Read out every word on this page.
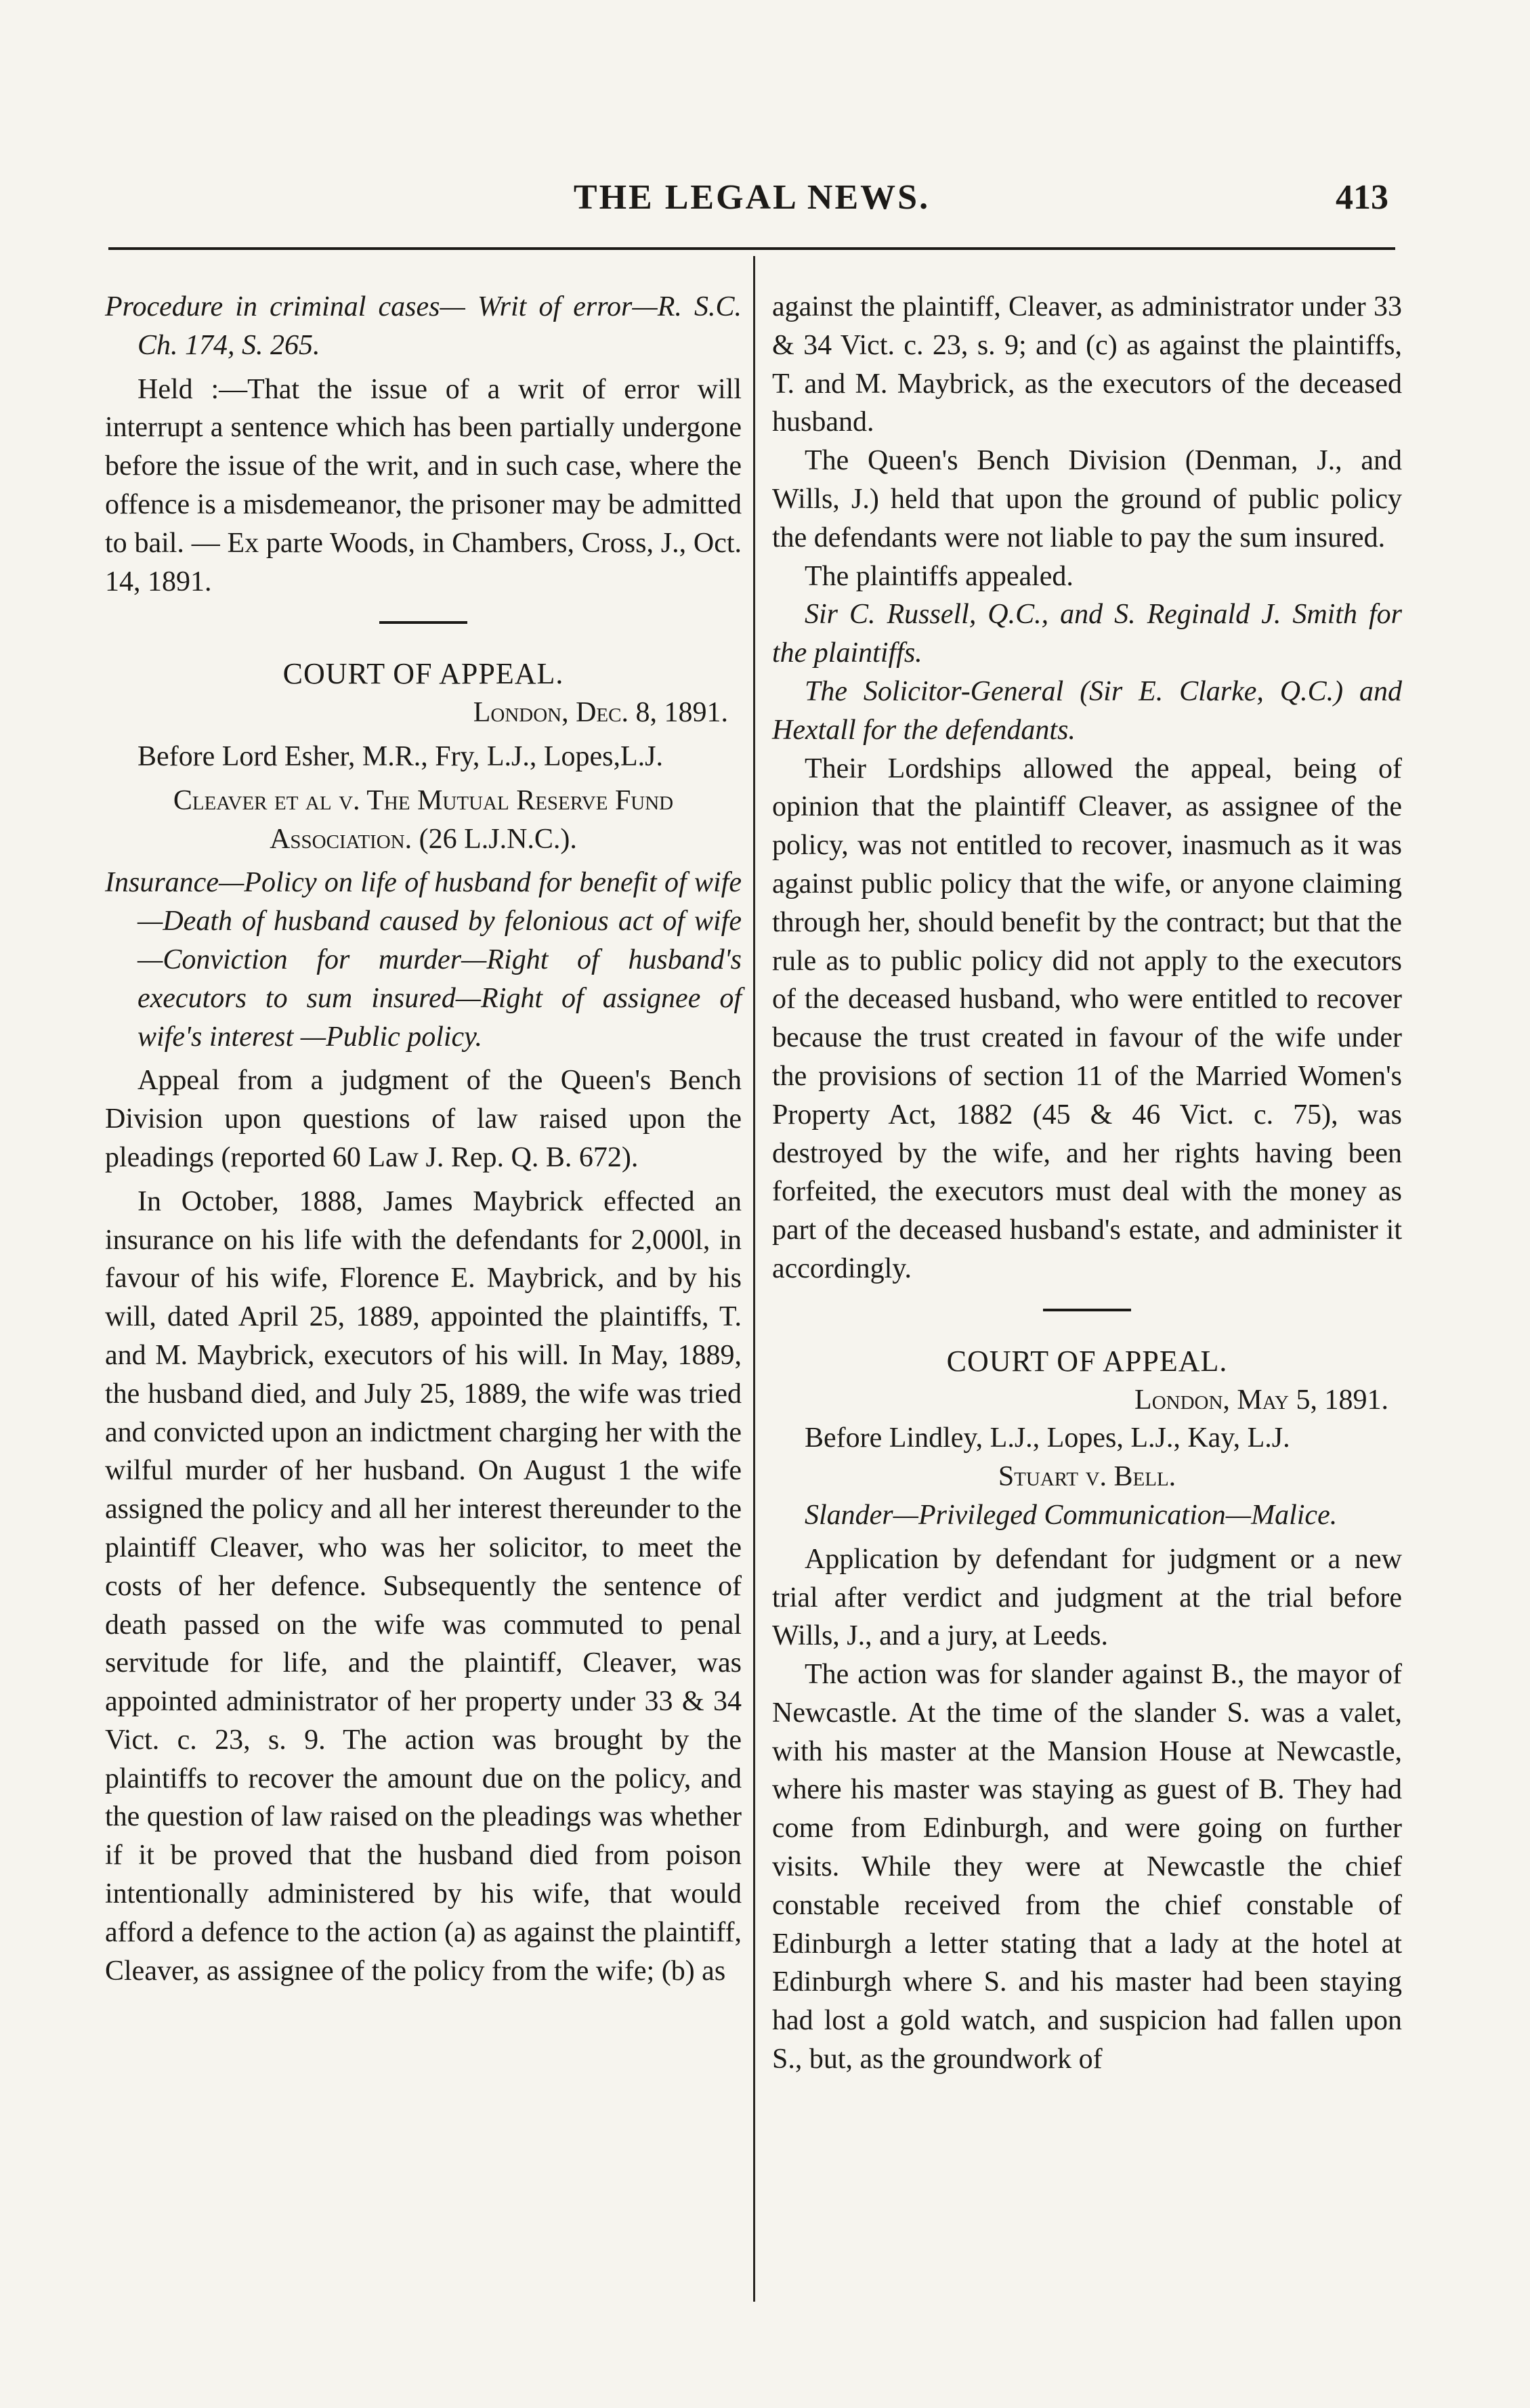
THE LEGAL NEWS.	413

Procedure in criminal cases— Writ of error—R. S.C. Ch. 174, S. 265.

Held :—That the issue of a writ of error will interrupt a sentence which has been partially undergone before the issue of the writ, and in such case, where the offence is a misdemeanor, the prisoner may be admitted to bail. — Ex parte Woods, in Chambers, Cross, J., Oct. 14, 1891.

COURT OF APPEAL.

London, Dec. 8, 1891.

Before Lord Esher, M.R., Fry, L.J., Lopes,L.J.

Cleaver et al v. The Mutual Reserve Fund Association. (26 L.J.N.C.).

Insurance—Policy on life of husband for benefit of wife—Death of husband caused by felonious act of wife—Conviction for murder—Right of husband's executors to sum insured—Right of assignee of wife's interest —Public policy.

Appeal from a judgment of the Queen's Bench Division upon questions of law raised upon the pleadings (reported 60 Law J. Rep. Q. B. 672).

In October, 1888, James Maybrick effected an insurance on his life with the defendants for 2,000l, in favour of his wife, Florence E. Maybrick, and by his will, dated April 25, 1889, appointed the plaintiffs, T. and M. Maybrick, executors of his will. In May, 1889, the husband died, and July 25, 1889, the wife was tried and convicted upon an indictment charging her with the wilful murder of her husband. On August 1 the wife assigned the policy and all her interest thereunder to the plaintiff Cleaver, who was her solicitor, to meet the costs of her defence. Subsequently the sentence of death passed on the wife was commuted to penal servitude for life, and the plaintiff, Cleaver, was appointed administrator of her property under 33 & 34 Vict. c. 23, s. 9. The action was brought by the plaintiffs to recover the amount due on the policy, and the question of law raised on the pleadings was whether if it be proved that the husband died from poison intentionally administered by his wife, that would afford a defence to the action (a) as against the plaintiff, Cleaver, as assignee of the policy from the wife; (b) as

against the plaintiff, Cleaver, as administrator under 33 & 34 Vict. c. 23, s. 9; and (c) as against the plaintiffs, T. and M. Maybrick, as the executors of the deceased husband.

The Queen's Bench Division (Denman, J., and Wills, J.) held that upon the ground of public policy the defendants were not liable to pay the sum insured.

The plaintiffs appealed.

Sir C. Russell, Q.C., and S. Reginald J. Smith for the plaintiffs.

The Solicitor-General (Sir E. Clarke, Q.C.) and Hextall for the defendants.

Their Lordships allowed the appeal, being of opinion that the plaintiff Cleaver, as assignee of the policy, was not entitled to recover, inasmuch as it was against public policy that the wife, or anyone claiming through her, should benefit by the contract; but that the rule as to public policy did not apply to the executors of the deceased husband, who were entitled to recover because the trust created in favour of the wife under the provisions of section 11 of the Married Women's Property Act, 1882 (45 & 46 Vict. c. 75), was destroyed by the wife, and her rights having been forfeited, the executors must deal with the money as part of the deceased husband's estate, and administer it accordingly.

COURT OF APPEAL.

London, May 5, 1891.

Before Lindley, L.J., Lopes, L.J., Kay, L.J.

Stuart v. Bell.

Slander—Privileged Communication—Malice.

Application by defendant for judgment or a new trial after verdict and judgment at the trial before Wills, J., and a jury, at Leeds.

The action was for slander against B., the mayor of Newcastle. At the time of the slander S. was a valet, with his master at the Mansion House at Newcastle, where his master was staying as guest of B. They had come from Edinburgh, and were going on further visits. While they were at Newcastle the chief constable received from the chief constable of Edinburgh a letter stating that a lady at the hotel at Edinburgh where S. and his master had been staying had lost a gold watch, and suspicion had fallen upon S., but, as the groundwork of
